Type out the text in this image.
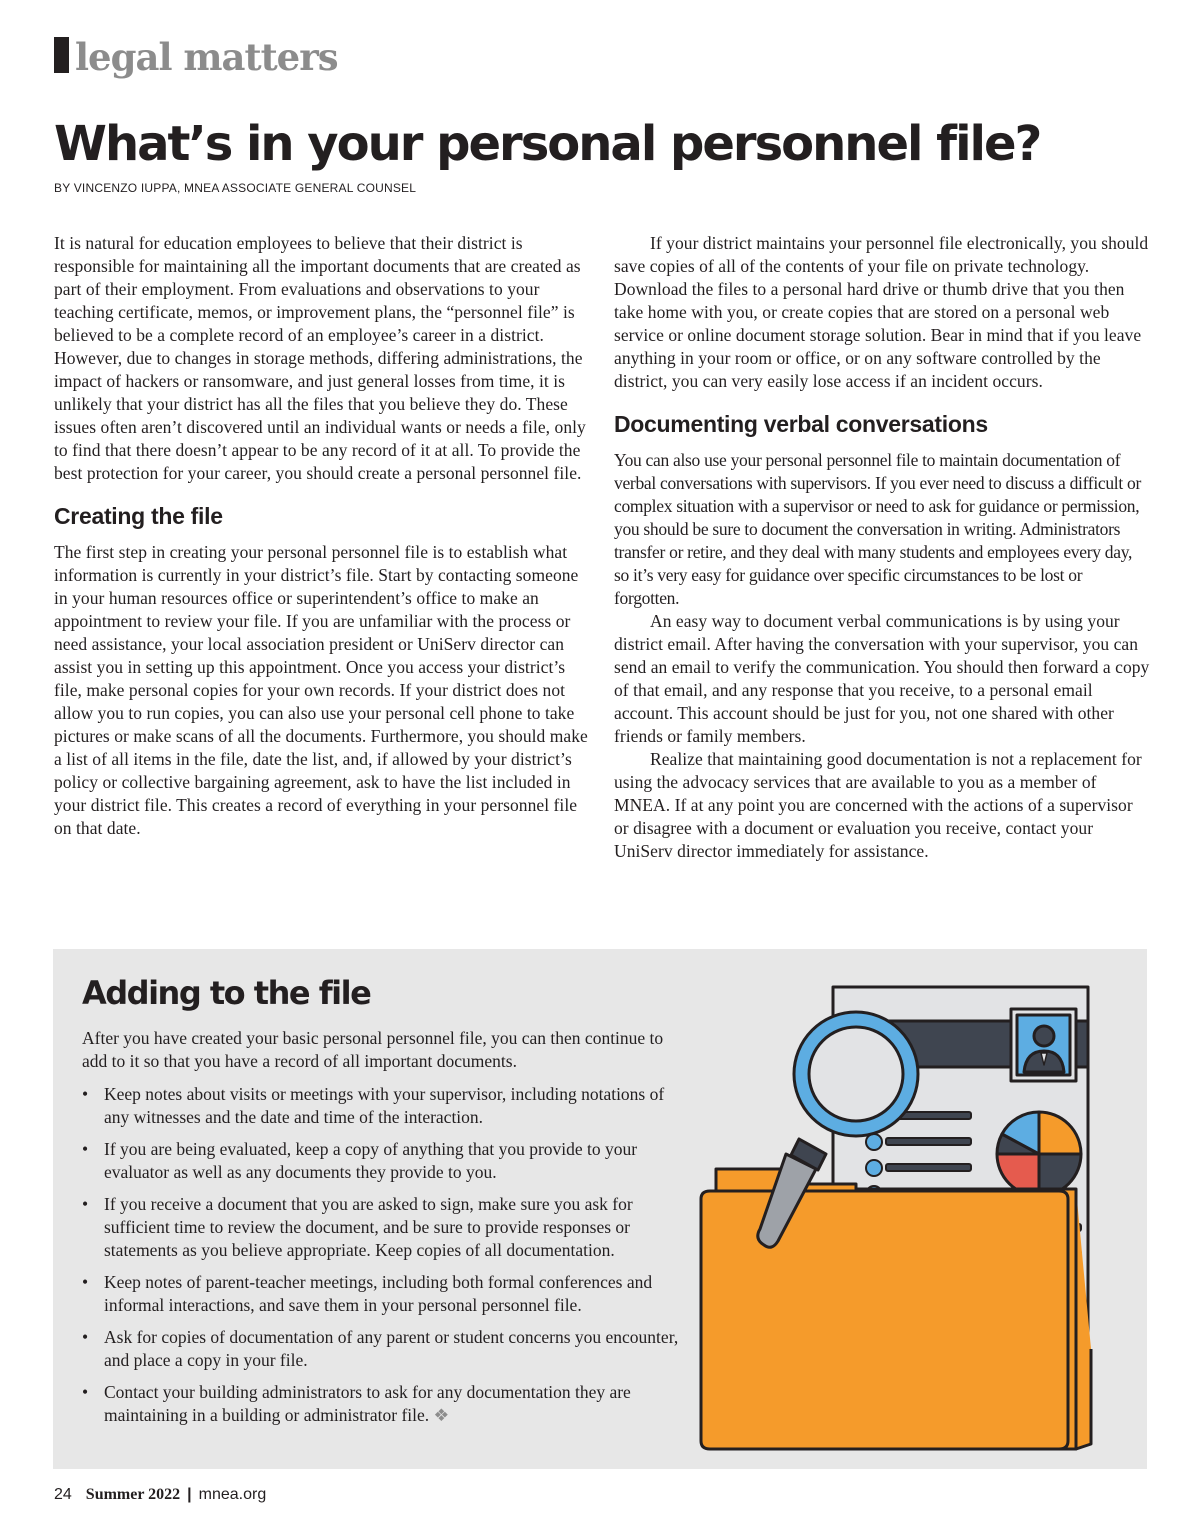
legal matters
What’s in your personal personnel file?
BY VINCENZO IUPPA, MNEA ASSOCIATE GENERAL COUNSEL

It is natural for education employees to believe that their district is responsible for maintaining all the important documents that are created as part of their employment. From evaluations and observations to your teaching certificate, memos, or improvement plans, the “personnel file” is believed to be a complete record of an employee’s career in a district. However, due to changes in storage methods, differing administrations, the impact of hackers or ransomware, and just general losses from time, it is unlikely that your district has all the files that you believe they do. These issues often aren’t discovered until an individual wants or needs a file, only to find that there doesn’t appear to be any record of it at all. To provide the best protection for your career, you should create a personal personnel file.

Creating the file

The first step in creating your personal personnel file is to establish what information is currently in your district’s file. Start by contacting someone in your human resources office or superintendent’s office to make an appointment to review your file. If you are unfamiliar with the process or need assistance, your local association president or UniServ director can assist you in setting up this appointment. Once you access your district’s file, make personal copies for your own records. If your district does not allow you to run copies, you can also use your personal cell phone to take pictures or make scans of all the documents. Furthermore, you should make a list of all items in the file, date the list, and, if allowed by your district’s policy or collective bargaining agreement, ask to have the list included in your district file. This creates a record of everything in your personnel file on that date.

If your district maintains your personnel file electronically, you should save copies of all of the contents of your file on private technology. Download the files to a personal hard drive or thumb drive that you then take home with you, or create copies that are stored on a personal web service or online document storage solution. Bear in mind that if you leave anything in your room or office, or on any software controlled by the district, you can very easily lose access if an incident occurs.

Documenting verbal conversations

You can also use your personal personnel file to maintain documentation of verbal conversations with supervisors. If you ever need to discuss a difficult or complex situation with a supervisor or need to ask for guidance or permission, you should be sure to document the conversation in writing. Administrators transfer or retire, and they deal with many students and employees every day, so it’s very easy for guidance over specific circumstances to be lost or forgotten.

An easy way to document verbal communications is by using your district email. After having the conversation with your supervisor, you can send an email to verify the communication. You should then forward a copy of that email, and any response that you receive, to a personal email account. This account should be just for you, not one shared with other friends or family members.

Realize that maintaining good documentation is not a replacement for using the advocacy services that are available to you as a member of MNEA. If at any point you are concerned with the actions of a supervisor or disagree with a document or evaluation you receive, contact your UniServ director immediately for assistance.

Adding to the file

After you have created your basic personal personnel file, you can then continue to add to it so that you have a record of all important documents.

• Keep notes about visits or meetings with your supervisor, including notations of any witnesses and the date and time of the interaction.
• If you are being evaluated, keep a copy of anything that you provide to your evaluator as well as any documents they provide to you.
• If you receive a document that you are asked to sign, make sure you ask for sufficient time to review the document, and be sure to provide responses or statements as you believe appropriate. Keep copies of all documentation.
• Keep notes of parent-teacher meetings, including both formal conferences and informal interactions, and save them in your personal personnel file.
• Ask for copies of documentation of any parent or student concerns you encounter, and place a copy in your file.
• Contact your building administrators to ask for any documentation they are maintaining in a building or administrator file. ❖
24 Summer 2022 | mnea.org
